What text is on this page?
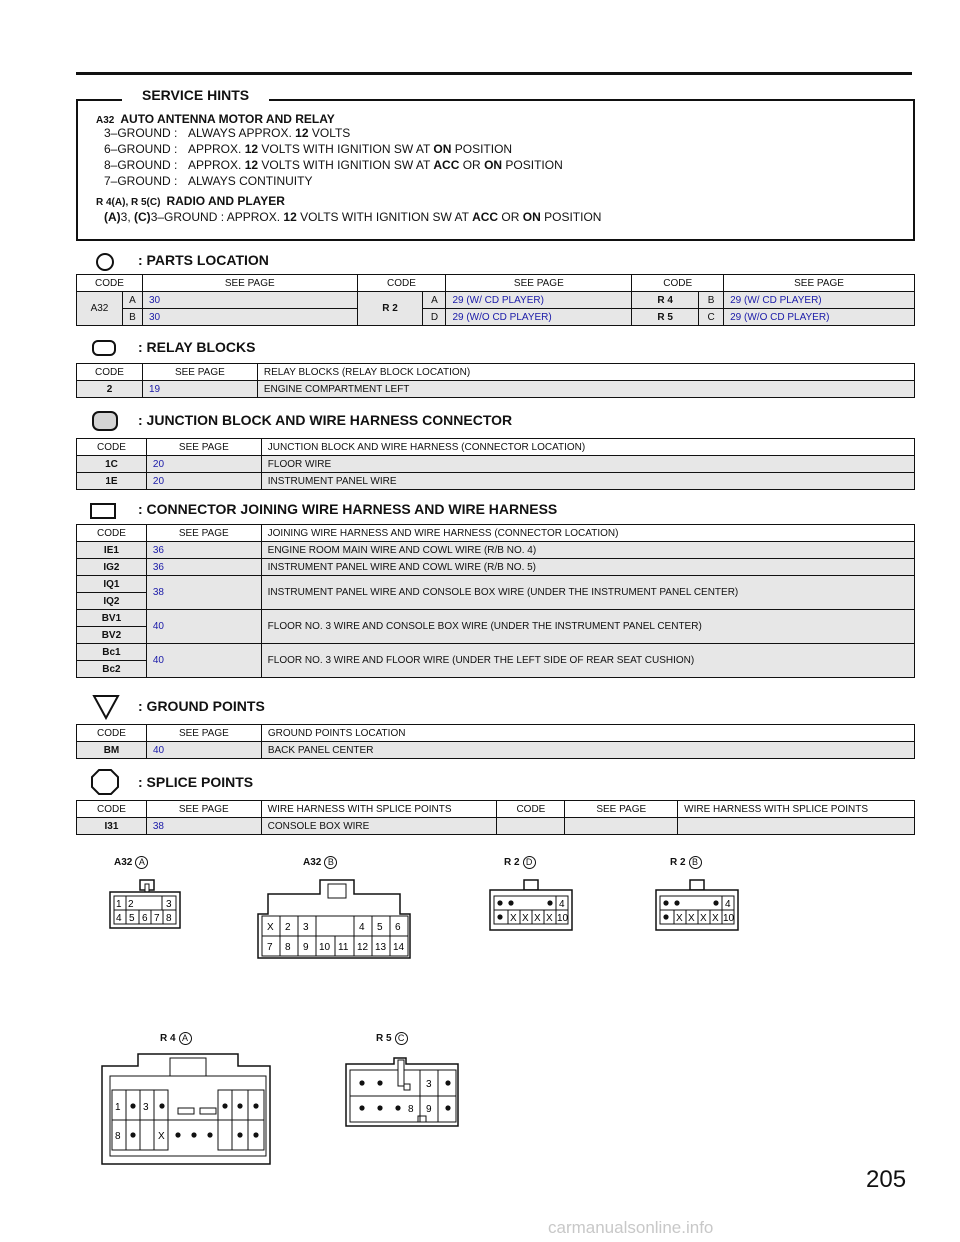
SERVICE HINTS
A32 AUTO ANTENNA MOTOR AND RELAY
3–GROUND : ALWAYS APPROX. 12 VOLTS
6–GROUND : APPROX. 12 VOLTS WITH IGNITION SW AT ON POSITION
8–GROUND : APPROX. 12 VOLTS WITH IGNITION SW AT ACC OR ON POSITION
7–GROUND : ALWAYS CONTINUITY
R 4(A), R 5(C) RADIO AND PLAYER
(A)3, (C)3–GROUND : APPROX. 12 VOLTS WITH IGNITION SW AT ACC OR ON POSITION
: PARTS LOCATION
CODE		SEE PAGE	CODE		SEE PAGE	CODE		SEE PAGE
A32	A	30	R 2	A	29 (W/ CD PLAYER)	R 4	B	29 (W/ CD PLAYER)
	B	30		D	29 (W/O CD PLAYER)	R 5	C	29 (W/O CD PLAYER)
: RELAY BLOCKS
CODE	SEE PAGE	RELAY BLOCKS (RELAY BLOCK LOCATION)
2	19	ENGINE COMPARTMENT LEFT
: JUNCTION BLOCK AND WIRE HARNESS CONNECTOR
CODE	SEE PAGE	JUNCTION BLOCK AND WIRE HARNESS (CONNECTOR LOCATION)
1C	20	FLOOR WIRE
1E	20	INSTRUMENT PANEL WIRE
: CONNECTOR JOINING WIRE HARNESS AND WIRE HARNESS
CODE	SEE PAGE	JOINING WIRE HARNESS AND WIRE HARNESS (CONNECTOR LOCATION)
IE1	36	ENGINE ROOM MAIN WIRE AND COWL WIRE (R/B NO. 4)
IG2	36	INSTRUMENT PANEL WIRE AND COWL WIRE (R/B NO. 5)
IQ1	38	INSTRUMENT PANEL WIRE AND CONSOLE BOX WIRE (UNDER THE INSTRUMENT PANEL CENTER)
IQ2		
BV1	40	FLOOR NO. 3 WIRE AND CONSOLE BOX WIRE (UNDER THE INSTRUMENT PANEL CENTER)
BV2		
Bc1	40	FLOOR NO. 3 WIRE AND FLOOR WIRE (UNDER THE LEFT SIDE OF REAR SEAT CUSHION)
Bc2		
: GROUND POINTS
CODE	SEE PAGE	GROUND POINTS LOCATION
BM	40	BACK PANEL CENTER
: SPLICE POINTS
CODE	SEE PAGE	WIRE HARNESS WITH SPLICE POINTS	CODE	SEE PAGE	WIRE HARNESS WITH SPLICE POINTS
I31	38	CONSOLE BOX WIRE			
A32 A
1 2	3
4 5 6 7 8
A32 B
X 2 3	4 5 6
7 8 9 10 11 12 13 14
R 2 D
4
X X X X 10
R 2 B
4
X X X X 10
R 4 A
1 3
8	X
R 5 C
3
8 9
205
carmanualsonline.info
